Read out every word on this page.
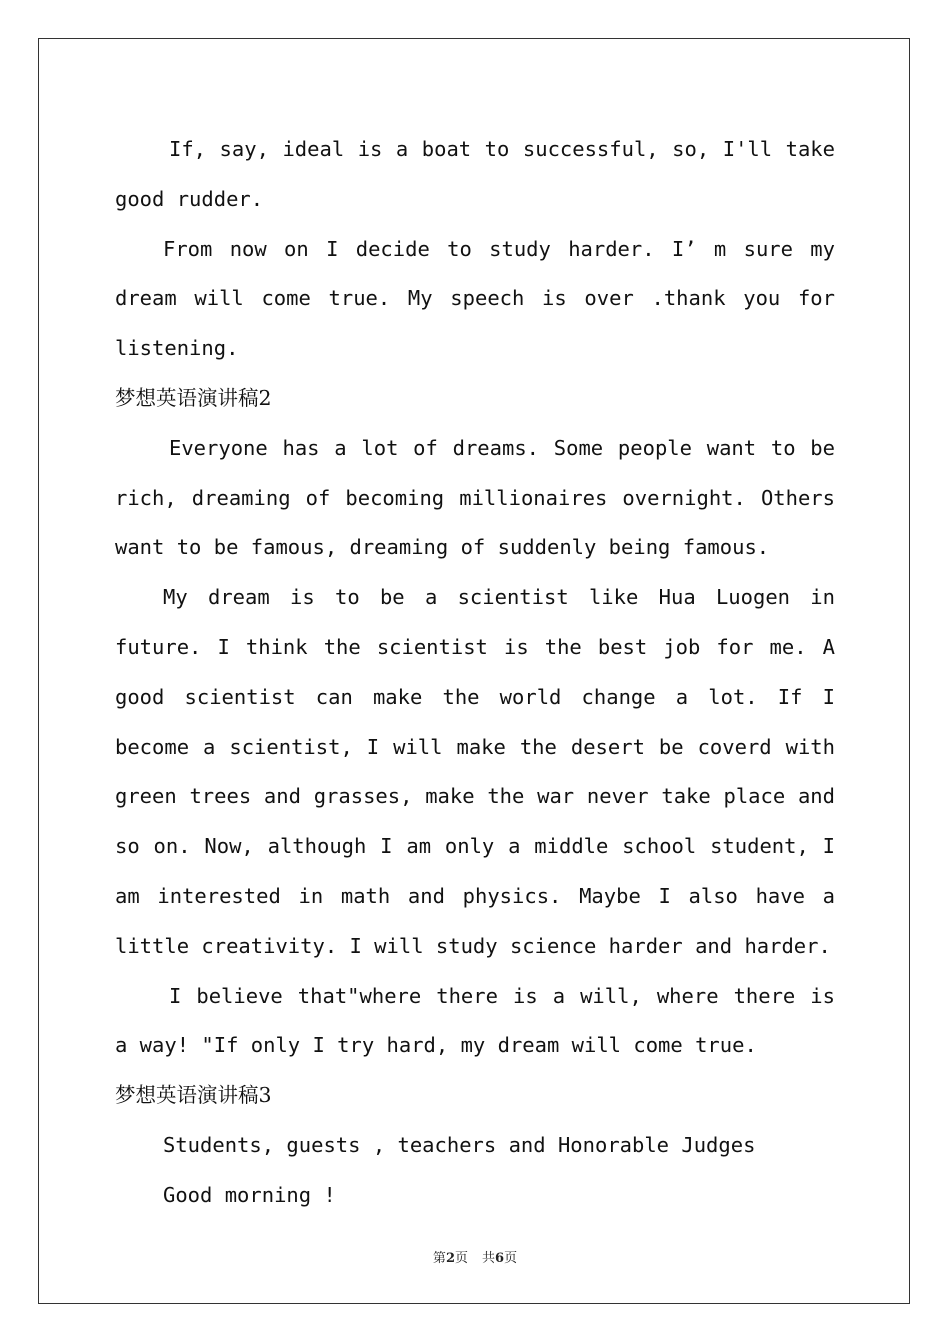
If, say, ideal is a boat to successful, so, I'll take good rudder.

From now on I decide to study harder. I’ m sure my dream will come true. My speech is over .thank you for listening.

梦想英语演讲稿2

Everyone has a lot of dreams. Some people want to be rich, dreaming of becoming millionaires overnight. Others want to be famous, dreaming of suddenly being famous.

My dream is to be a scientist like Hua Luogen in future. I think the scientist is the best job for me. A good scientist can make the world change a lot. If I become a scientist, I will make the desert be coverd with green trees and grasses, make the war never take place and so on. Now, although I am only a middle school student, I am interested in math and physics. Maybe I also have a little creativity. I will study science harder and harder.

I believe that"where there is a will, where there is a way! "If only I try hard, my dream will come true.

梦想英语演讲稿3

Students, guests , teachers and Honorable Judges

Good morning !

第2页 共6页
